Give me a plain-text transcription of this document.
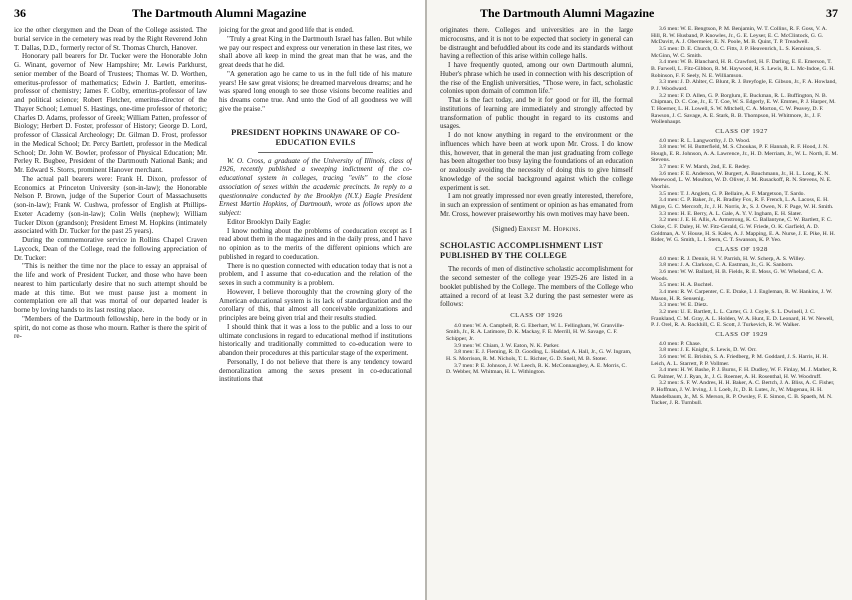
36	The Dartmouth Alumni Magazine

ice the other clergymen and the Dean of the College assisted. The burial service in the cemetery was read by the Right Reverend John T. Dallas, D.D., formerly rector of St. Thomas Church, Hanover.

Honorary pall bearers for Dr. Tucker were the Honorable John G. Winant, governor of New Hampshire; Mr. Lewis Parkhurst, senior member of the Board of Trustees; Thomas W. D. Worthen, emeritus-professor of mathematics; Edwin J. Bartlett, emeritus-professor of chemistry; James F. Colby, emeritus-professor of law and political science; Robert Fletcher, emeritus-director of the Thayer School; Lemuel S. Hastings, one-time professor of rhetoric; Charles D. Adams, professor of Greek; William Patten, professor of Biology; Herbert D. Foster, professor of History; George D. Lord, professor of Classical Archeology; Dr. Gilman D. Frost, professor in the Medical School; Dr. Percy Bartlett, professor in the Medical School; Dr. John W. Bowler, professor of Physical Education; Mr. Perley R. Bugbee, President of the Dartmouth National Bank; and Mr. Edward S. Storrs, prominent Hanover merchant.

The actual pall bearers were: Frank H. Dixon, professor of Economics at Princeton University (son-in-law); the Honorable Nelson P. Brown, judge of the Superior Court of Massachusetts (son-in-law); Frank W. Cushwa, professor of English at Phillips-Exeter Academy (son-in-law); Colin Wells (nephew); William Tucker Dixon (grandson); President Ernest M. Hopkins (intimately associated with Dr. Tucker for the past 25 years).

During the commemorative service in Rollins Chapel Craven Laycock, Dean of the College, read the following appreciation of Dr. Tucker:

"This is neither the time nor the place to essay an appraisal of the life and work of President Tucker, and those who have been nearest to him particularly desire that no such attempt should be made at this time. But we must pause just a moment in contemplation ere all that was mortal of our departed leader is borne by loving hands to its last resting place.

"Members of the Dartmouth fellowship, here in the body or in spirit, do not come as those who mourn. Rather is there the spirit of re-

joicing for the great and good life that is ended.

"Truly a great King in the Dartmouth Israel has fallen. But while we pay our respect and express our veneration in these last rites, we shall above all keep in mind the great man that he was, and the great deeds that he did.

"A generation ago he came to us in the full tide of his mature years! He saw great visions; he dreamed marvelous dreams; and he was spared long enough to see those visions become realities and his dreams come true. And unto the God of all goodness we will give the praise."

PRESIDENT HOPKINS UNAWARE OF CO-EDUCATION EVILS

W. O. Cross, a graduate of the University of Illinois, class of 1926, recently published a sweeping indictment of the co-educational system in colleges, tracing "evils" to the close association of sexes within the academic precincts. In reply to a questionnaire conducted by the Brooklyn (N.Y.) Eagle President Ernest Martin Hopkins, of Dartmouth, wrote as follows upon the subject:

Editor Brooklyn Daily Eagle:

I know nothing about the problems of coeducation except as I read about them in the magazines and in the daily press, and I have no opinion as to the merits of the different opinions which are published in regard to coeducation.

There is no question connected with education today that is not a problem, and I assume that co-education and the relation of the sexes in such a community is a problem.

However, I believe thoroughly that the crowning glory of the American educational system is its lack of standardization and the corollary of this, that almost all conceivable organizations and principles are being given trial and their results studied.

I should think that it was a loss to the public and a loss to our ultimate conclusions in regard to educational method if institutions historically and traditionally committed to co-education were to abandon their procedures at this particular stage of the experiment.

Personally, I do not believe that there is any tendency toward demoralization among the sexes present in co-educational institutions that

The Dartmouth Alumni Magazine	37

originates there. Colleges and universities are in the large microcosms, and it is not to be expected that society in general can be distraught and befuddled about its code and its standards without having a reflection of this arise within college halls.

I have frequently quoted, among our own Dartmouth alumni, Huber's phrase which he used in connection with his description of the rise of the English universities, "Those were, in fact, scholastic colonies upon domain of common life."

That is the fact today, and be it for good or for ill, the formal institutions of learning are immediately and strongly affected by transformation of public thought in regard to its customs and usages.

I do not know anything in regard to the environment or the influences which have been at work upon Mr. Cross. I do know this, however, that in general the man just graduating from college has been altogether too busy laying the foundations of an education or zealously avoiding the necessity of doing this to give himself knowledge of the social background against which the college experiment is set.

I am not greatly impressed nor even greatly interested, therefore, in such an expression of sentiment or opinion as has emanated from Mr. Cross, however praiseworthy his own motives may have been.

(Signed) Ernest M. Hopkins.
SCHOLASTIC ACCOMPLISHMENT LIST PUBLISHED BY THE COLLEGE

The records of men of distinctive scholastic accomplishment for the second semester of the college year 1925-26 are listed in a booklet published by the College. The members of the College who attained a record of at least 3.2 during the past semester were as follows:

CLASS OF 1926

4.0 men: W. A. Campbell, R. G. Eberhart, W. L. Fellingham, W. Granville-Smith, Jr., R. A. Latimore, D. K. Mackay, F. E. Merrill, H. W. Savage, C. F. Schipper, Jr.

3.9 men: W. Chiam, J. W. Eaton, N. K. Parker.

3.8 men: E. J. Fleming, R. D. Gooding, L. Haddad, A. Hall, Jr., G. W. Ingram, H. S. Morrison, R. M. Nichols, T. L. Richter, G. D. Snell, M. B. Stoter.

3.7 men: P. E. Johnson, J. W. Leech, R. K. McConnaughey, A. E. Morris, C. D. Webber, M. Whitman, H. L. Withington.

3.6 men: W. E. Bengtson, P. M. Benjamin, W. T. Collins, R. F. Goss, V. A. Hill, R. W. Husband, P. Knowles, Jr., G. E. Leyser, E. C. McClintock, G. G. McDavitt, A. J. Obermeier, E. N. Poole, M. B. Quint, T. P. Treadwell.

3.5 men: D. E. Church, O. C. Fitts, J. P. Heavenrich, L. S. Kennison, S. McGinn, W. C. Smith.

3.4 men: W. B. Blanchard, H. R. Crawford, H. F. Darling, E. E. Emerson, T. B. Farwell, L. Fitz-Gibbon, R. M. Haywood, H. S. Lewis, R. L. Mc-Indoe, G. H. Robinson, F. F. Seely, N. E. Williamson.

3.3 men: J. D. Ahlter, C. Blunt, R. J. Breyfogle, E. Gibson, Jr., F. A. Howland, P. J. Woodward.

3.2 men: F. D. Allen, G. P. Borglum, E. Buckman, R. L. Buffington, N. B. Chipman, D. C. Coe, Jr., E. T. Coe, W. S. Edgerly, E. W. Emmes, P. J. Harper, M. T. Hoerner, L. H. Lowell, S. W. Mitchell, C. A. Morton, C. W. Peavey, D. F. Rawson, J. C. Savage, A. E. Stark, R. B. Thompson, H. Whitmore, Jr., J. F. Wollenhaupt.

CLASS OF 1927

4.0 men: R. L. Langworthy, J. D. Wood.

3.8 men: W. H. Butterfield, M. S. Choukas, P. F. Hannah, R. F. Hood, J. N. Hough, E. R. Johnson, A. A. Lawrence, Jr., H. D. Merriam, Jr., W. L. North, E. M. Stevens.

3.7 men: F. W. Marsh, 2nd, E. E. Redey.

3.6 men: F. E. Anderson, W. Burgert, A. Bauchmann, Jr., H. L. Long, K. N. Merewood, L. W. Moulton, W. D. Oliver, J. M. Rusackoff, R. N. Stevens, N. E. Voorhis.

3.5 men: T. J. Anglem, G. P. Bellaire, A. F. Margetson, T. Sardo.

3.4 men: C. P. Baker, Jr., R. Bradley Fox, R. F. French, L. A. Lacoss, E. H. Migre, G. C. Mercroft, Jr., J. H. Norris, Jr., S. J. Owen, N. F. Page, W. H. Smith.

3.3 men: H. E. Berry, A. L. Gale, A. Y. V. Ingham, E. H. Slater.

3.2 men: J. E. H. Allis, A. Armstrong, K. C. Ballantyne, C. W. Bartlett, F. C. Cloke, C. F. Daley, H. W. Fitz-Gerald, G. W. Friede, O. K. Garfield, A. D. Goldman, A. V. House, H. S. Kales, A. J. Mapping, E. A. Nurse, J. E. Pike, H. H. Rider, W. G. Smith, L. I. Stern, C. T. Swanson, K. P. Yeo.

CLASS OF 1928

4.0 men: R. J. Dennis, H. V. Parrish, H. W. Scherp, A. S. Willey.

3.8 men: J. A. Clarkson, C. A. Eastman, Jr., G. K. Sanborn.

3.6 men: W. W. Ballard, H. B. Fields, R. E. Moss, G. W. Wheland, C. A. Woods.

3.5 men: H. A. Buchtel.

3.4 men: R. W. Carpenter, C. E. Drake, I. J. Engleman, R. W. Hankins, J. W. Mason, H. R. Sensenig.

3.3 men: W. E. Dietz.

3.2 men: U. E. Bartlett, L. L. Carter, G. J. Coyle, S. L. Dwinell, J. C. Frankland, C. M. Gray, A. L. Holden, W. A. Hunt, E. D. Leonard, H. W. Newell, P. J. Orel, R. A. Rockhill, C. E. Scott, J. Turkevich, R. W. Walker.

CLASS OF 1929

4.0 men: P. Chase.

3.8 men: J. E. Knight, S. Lewis, D. W. Orr.

3.6 men: W. E. Brisbin, S. A. Friedberg, P. M. Goddard, J. S. Harris, H. H. Leich, A. L. Starrett, P. P. Vollmer.

3.4 men: H. W. Bashe, P. J. Burns, F. H. Dudley, W. F. Finlay, M. J. Mather, R. G. Palmer, W. J. Ryan, Jr., J. G. Roemer, A. H. Rosenthal, H. W. Woodruff.

3.2 men: S. F. W. Andres, H. H. Baker, A. C. Bertch, J. A. Bliss, A. C. Fisher, P. Hoffman, J. W. Irving, J. I. Loeb, Jr., D. B. Lutes, Jr., W. Magenau, H. H. Mandelbaum, Jr., M. S. Merson, R. P. Owsley, F. E. Simon, C. B. Spaeth, M. N. Tucker, J. R. Turnbull.
